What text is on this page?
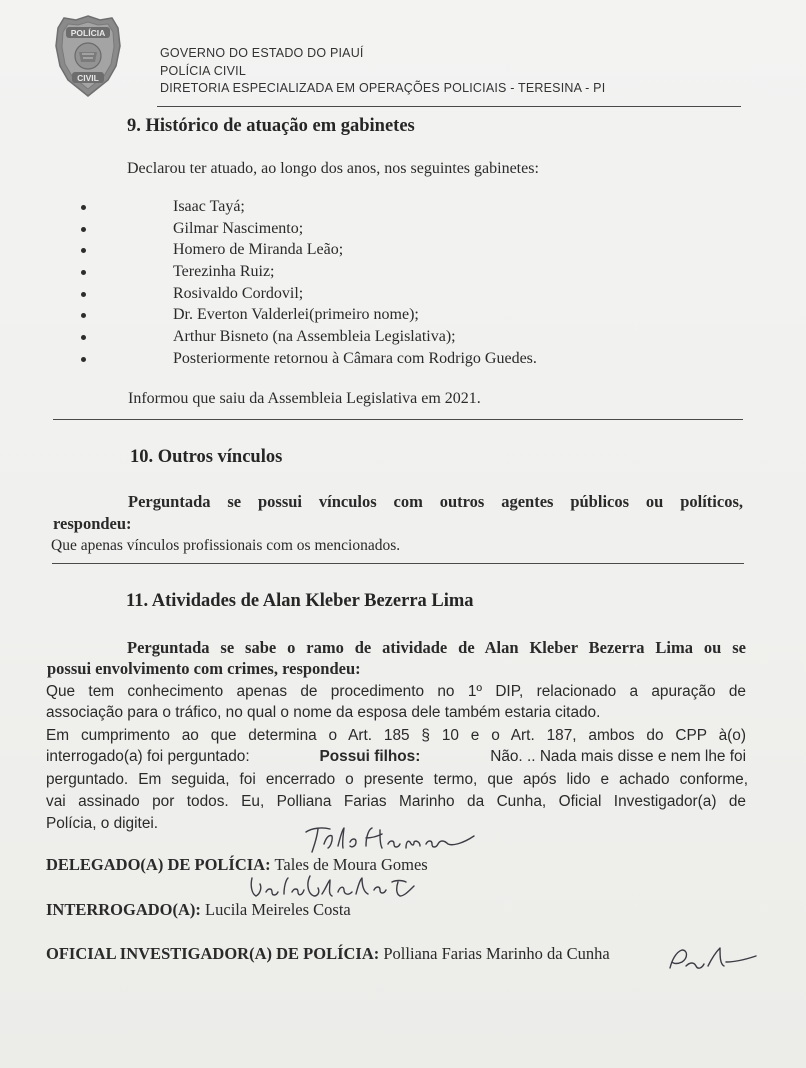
POLÍCIA
CIVIL
GOVERNO DO ESTADO DO PIAUÍ
POLÍCIA CIVIL
DIRETORIA ESPECIALIZADA EM OPERAÇÕES POLICIAIS - TERESINA - PI
9. Histórico de atuação em gabinetes

Declarou ter atuado, ao longo dos anos, nos seguintes gabinetes:

Isaac Tayá;
Gilmar Nascimento;
Homero de Miranda Leão;
Terezinha Ruiz;
Rosivaldo Cordovil;
Dr. Everton Valderlei(primeiro nome);
Arthur Bisneto (na Assembleia Legislativa);
Posteriormente retornou à Câmara com Rodrigo Guedes.

Informou que saiu da Assembleia Legislativa em 2021.

10. Outros vínculos
Perguntada se possui vínculos com outros agentes públicos ou políticos,
respondeu:
Que apenas vínculos profissionais com os mencionados.
11. Atividades de Alan Kleber Bezerra Lima
Perguntada se sabe o ramo de atividade de Alan Kleber Bezerra Lima ou se
possui envolvimento com crimes, respondeu:
Que tem conhecimento apenas de procedimento no 1º DIP, relacionado a apuração de
associação para o tráfico, no qual o nome da esposa dele também estaria citado.
Em cumprimento ao que determina o Art. 185 § 10 e o Art. 187, ambos do CPP à(o)
interrogado(a) foi perguntado:	Possui filhos:	Não. .. Nada mais disse e nem lhe foi
perguntado. Em seguida, foi encerrado o presente termo, que após lido e achado conforme,
vai assinado por todos. Eu, Polliana Farias Marinho da Cunha, Oficial Investigador(a) de
Polícia, o digitei.
DELEGADO(A) DE POLÍCIA: Tales de Moura Gomes
INTERROGADO(A): Lucila Meireles Costa
OFICIAL INVESTIGADOR(A) DE POLÍCIA: Polliana Farias Marinho da Cunha
